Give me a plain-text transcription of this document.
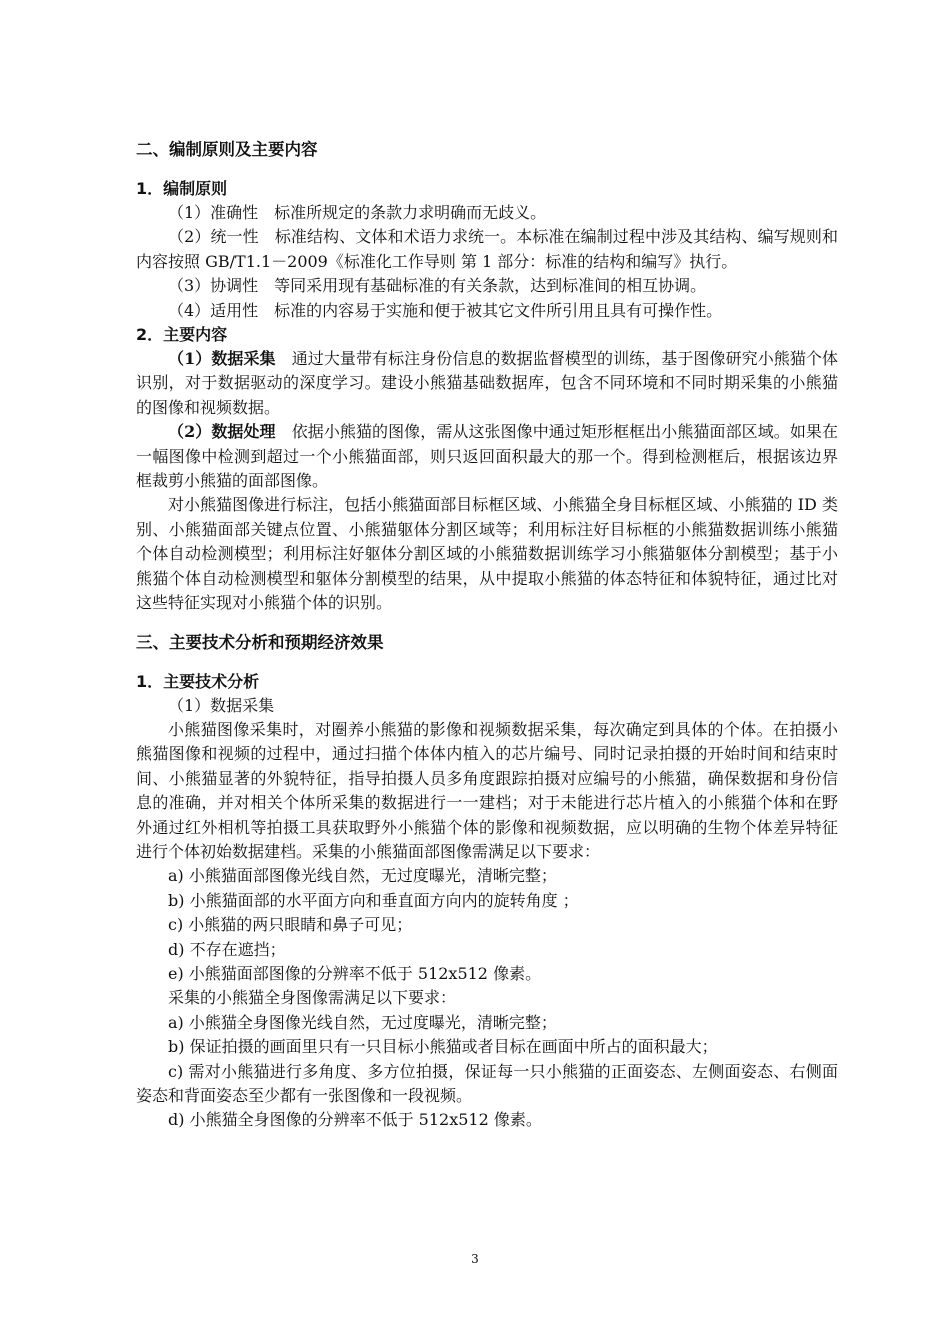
二、编制原则及主要内容
1．编制原则

（1）准确性　标准所规定的条款力求明确而无歧义。

（2）统一性　标准结构、文体和术语力求统一。本标准在编制过程中涉及其结构、编写规则和内容按照 GB/T1.1－2009《标准化工作导则 第 1 部分：标准的结构和编写》执行。

（3）协调性　等同采用现有基础标准的有关条款，达到标准间的相互协调。

（4）适用性　标准的内容易于实施和便于被其它文件所引用且具有可操作性。

2．主要内容

（1）数据采集　通过大量带有标注身份信息的数据监督模型的训练，基于图像研究小熊猫个体识别，对于数据驱动的深度学习。建设小熊猫基础数据库，包含不同环境和不同时期采集的小熊猫的图像和视频数据。

（2）数据处理　依据小熊猫的图像，需从这张图像中通过矩形框框出小熊猫面部区域。如果在一幅图像中检测到超过一个小熊猫面部，则只返回面积最大的那一个。得到检测框后，根据该边界框裁剪小熊猫的面部图像。

对小熊猫图像进行标注，包括小熊猫面部目标框区域、小熊猫全身目标框区域、小熊猫的 ID 类别、小熊猫面部关键点位置、小熊猫躯体分割区域等；利用标注好目标框的小熊猫数据训练小熊猫个体自动检测模型；利用标注好躯体分割区域的小熊猫数据训练学习小熊猫躯体分割模型；基于小熊猫个体自动检测模型和躯体分割模型的结果，从中提取小熊猫的体态特征和体貌特征，通过比对这些特征实现对小熊猫个体的识别。

三、主要技术分析和预期经济效果
1．主要技术分析

（1）数据采集

小熊猫图像采集时，对圈养小熊猫的影像和视频数据采集，每次确定到具体的个体。在拍摄小熊猫图像和视频的过程中，通过扫描个体体内植入的芯片编号、同时记录拍摄的开始时间和结束时间、小熊猫显著的外貌特征，指导拍摄人员多角度跟踪拍摄对应编号的小熊猫，确保数据和身份信息的准确，并对相关个体所采集的数据进行一一建档；对于未能进行芯片植入的小熊猫个体和在野外通过红外相机等拍摄工具获取野外小熊猫个体的影像和视频数据，应以明确的生物个体差异特征进行个体初始数据建档。采集的小熊猫面部图像需满足以下要求：

a) 小熊猫面部图像光线自然，无过度曝光，清晰完整；

b) 小熊猫面部的水平面方向和垂直面方向内的旋转角度 ；

c) 小熊猫的两只眼睛和鼻子可见；

d) 不存在遮挡；

e) 小熊猫面部图像的分辨率不低于 512x512 像素。

采集的小熊猫全身图像需满足以下要求：

a) 小熊猫全身图像光线自然，无过度曝光，清晰完整；

b) 保证拍摄的画面里只有一只目标小熊猫或者目标在画面中所占的面积最大；

c) 需对小熊猫进行多角度、多方位拍摄，保证每一只小熊猫的正面姿态、左侧面姿态、右侧面姿态和背面姿态至少都有一张图像和一段视频。

d) 小熊猫全身图像的分辨率不低于 512x512 像素。

3
